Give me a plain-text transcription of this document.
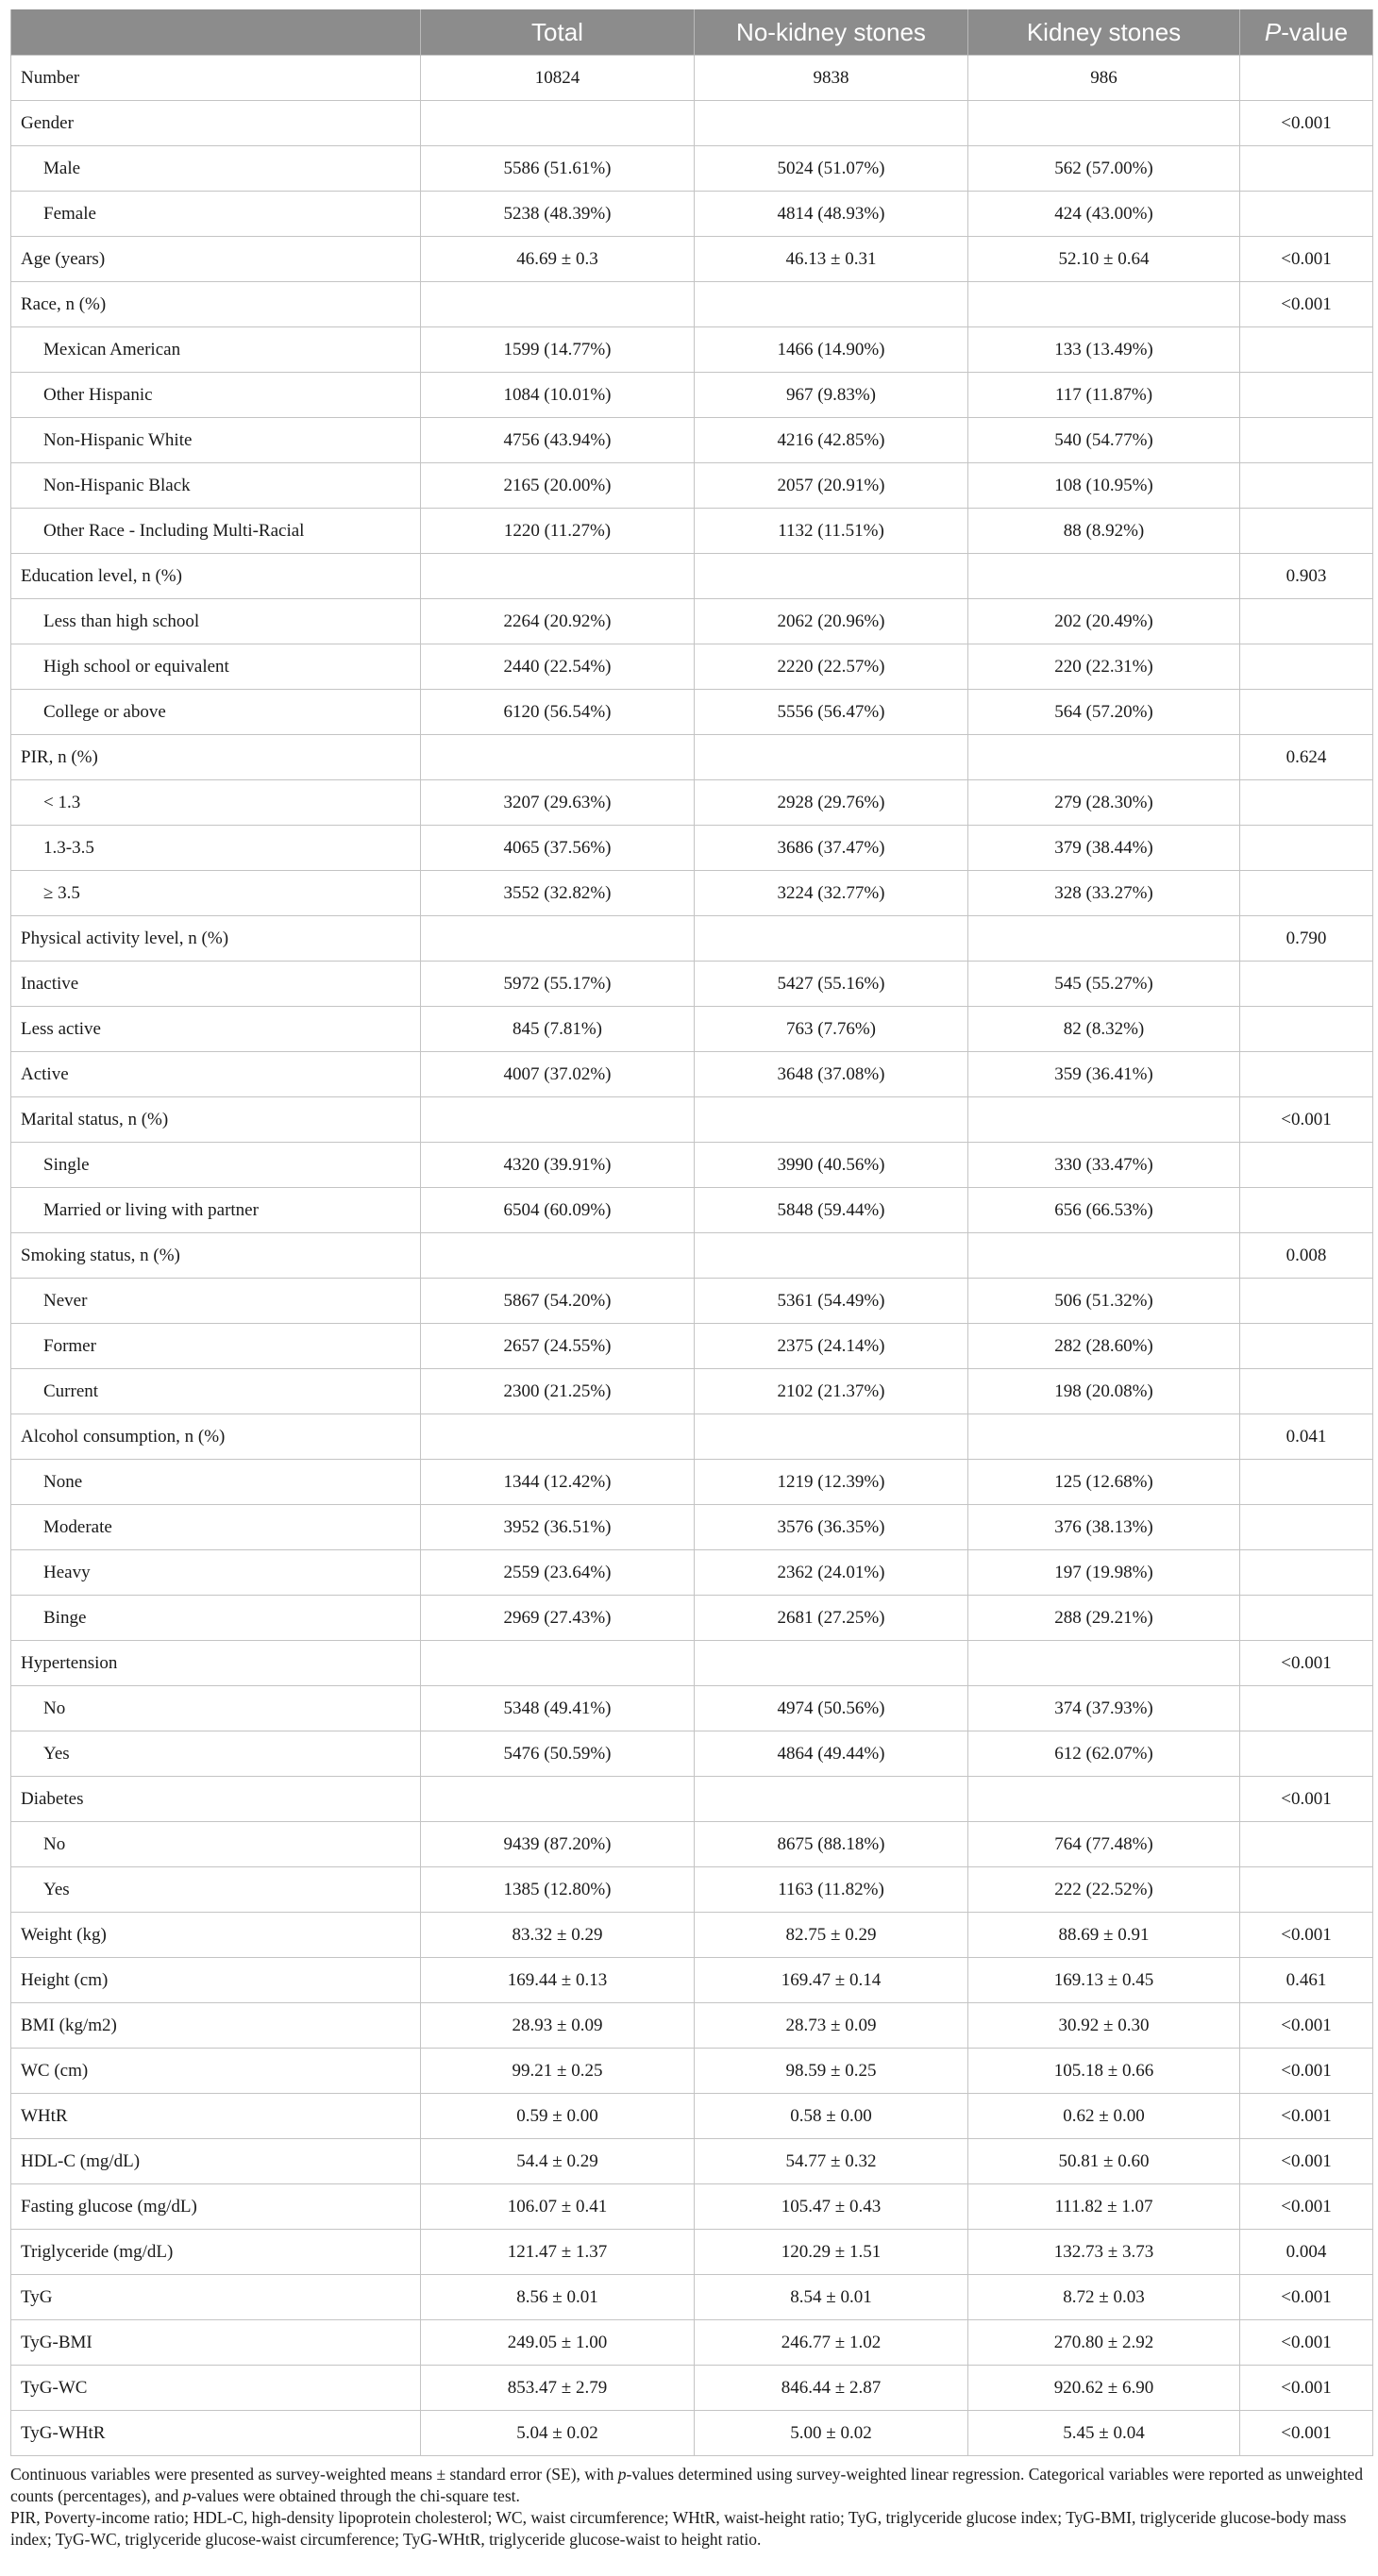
	Total	No-kidney stones	Kidney stones	P-value
Number	10824	9838	986	
Gender				<0.001
Male	5586 (51.61%)	5024 (51.07%)	562 (57.00%)	
Female	5238 (48.39%)	4814 (48.93%)	424 (43.00%)	
Age (years)	46.69 ± 0.3	46.13 ± 0.31	52.10 ± 0.64	<0.001
Race, n (%)				<0.001
Mexican American	1599 (14.77%)	1466 (14.90%)	133 (13.49%)	
Other Hispanic	1084 (10.01%)	967 (9.83%)	117 (11.87%)	
Non-Hispanic White	4756 (43.94%)	4216 (42.85%)	540 (54.77%)	
Non-Hispanic Black	2165 (20.00%)	2057 (20.91%)	108 (10.95%)	
Other Race - Including Multi-Racial	1220 (11.27%)	1132 (11.51%)	88 (8.92%)	
Education level, n (%)				0.903
Less than high school	2264 (20.92%)	2062 (20.96%)	202 (20.49%)	
High school or equivalent	2440 (22.54%)	2220 (22.57%)	220 (22.31%)	
College or above	6120 (56.54%)	5556 (56.47%)	564 (57.20%)	
PIR, n (%)				0.624
< 1.3	3207 (29.63%)	2928 (29.76%)	279 (28.30%)	
1.3-3.5	4065 (37.56%)	3686 (37.47%)	379 (38.44%)	
≥ 3.5	3552 (32.82%)	3224 (32.77%)	328 (33.27%)	
Physical activity level, n (%)				0.790
Inactive	5972 (55.17%)	5427 (55.16%)	545 (55.27%)	
Less active	845 (7.81%)	763 (7.76%)	82 (8.32%)	
Active	4007 (37.02%)	3648 (37.08%)	359 (36.41%)	
Marital status, n (%)				<0.001
Single	4320 (39.91%)	3990 (40.56%)	330 (33.47%)	
Married or living with partner	6504 (60.09%)	5848 (59.44%)	656 (66.53%)	
Smoking status, n (%)				0.008
Never	5867 (54.20%)	5361 (54.49%)	506 (51.32%)	
Former	2657 (24.55%)	2375 (24.14%)	282 (28.60%)	
Current	2300 (21.25%)	2102 (21.37%)	198 (20.08%)	
Alcohol consumption, n (%)				0.041
None	1344 (12.42%)	1219 (12.39%)	125 (12.68%)	
Moderate	3952 (36.51%)	3576 (36.35%)	376 (38.13%)	
Heavy	2559 (23.64%)	2362 (24.01%)	197 (19.98%)	
Binge	2969 (27.43%)	2681 (27.25%)	288 (29.21%)	
Hypertension				<0.001
No	5348 (49.41%)	4974 (50.56%)	374 (37.93%)	
Yes	5476 (50.59%)	4864 (49.44%)	612 (62.07%)	
Diabetes				<0.001
No	9439 (87.20%)	8675 (88.18%)	764 (77.48%)	
Yes	1385 (12.80%)	1163 (11.82%)	222 (22.52%)	
Weight (kg)	83.32 ± 0.29	82.75 ± 0.29	88.69 ± 0.91	<0.001
Height (cm)	169.44 ± 0.13	169.47 ± 0.14	169.13 ± 0.45	0.461
BMI (kg/m2)	28.93 ± 0.09	28.73 ± 0.09	30.92 ± 0.30	<0.001
WC (cm)	99.21 ± 0.25	98.59 ± 0.25	105.18 ± 0.66	<0.001
WHtR	0.59 ± 0.00	0.58 ± 0.00	0.62 ± 0.00	<0.001
HDL-C (mg/dL)	54.4 ± 0.29	54.77 ± 0.32	50.81 ± 0.60	<0.001
Fasting glucose (mg/dL)	106.07 ± 0.41	105.47 ± 0.43	111.82 ± 1.07	<0.001
Triglyceride (mg/dL)	121.47 ± 1.37	120.29 ± 1.51	132.73 ± 3.73	0.004
TyG	8.56 ± 0.01	8.54 ± 0.01	8.72 ± 0.03	<0.001
TyG-BMI	249.05 ± 1.00	246.77 ± 1.02	270.80 ± 2.92	<0.001
TyG-WC	853.47 ± 2.79	846.44 ± 2.87	920.62 ± 6.90	<0.001
TyG-WHtR	5.04 ± 0.02	5.00 ± 0.02	5.45 ± 0.04	<0.001

Continuous variables were presented as survey-weighted means ± standard error (SE), with p-values determined using survey-weighted linear regression. Categorical variables were reported as unweighted counts (percentages), and p-values were obtained through the chi-square test.

PIR, Poverty-income ratio; HDL-C, high-density lipoprotein cholesterol; WC, waist circumference; WHtR, waist-height ratio; TyG, triglyceride glucose index; TyG-BMI, triglyceride glucose-body mass index; TyG-WC, triglyceride glucose-waist circumference; TyG-WHtR, triglyceride glucose-waist to height ratio.
